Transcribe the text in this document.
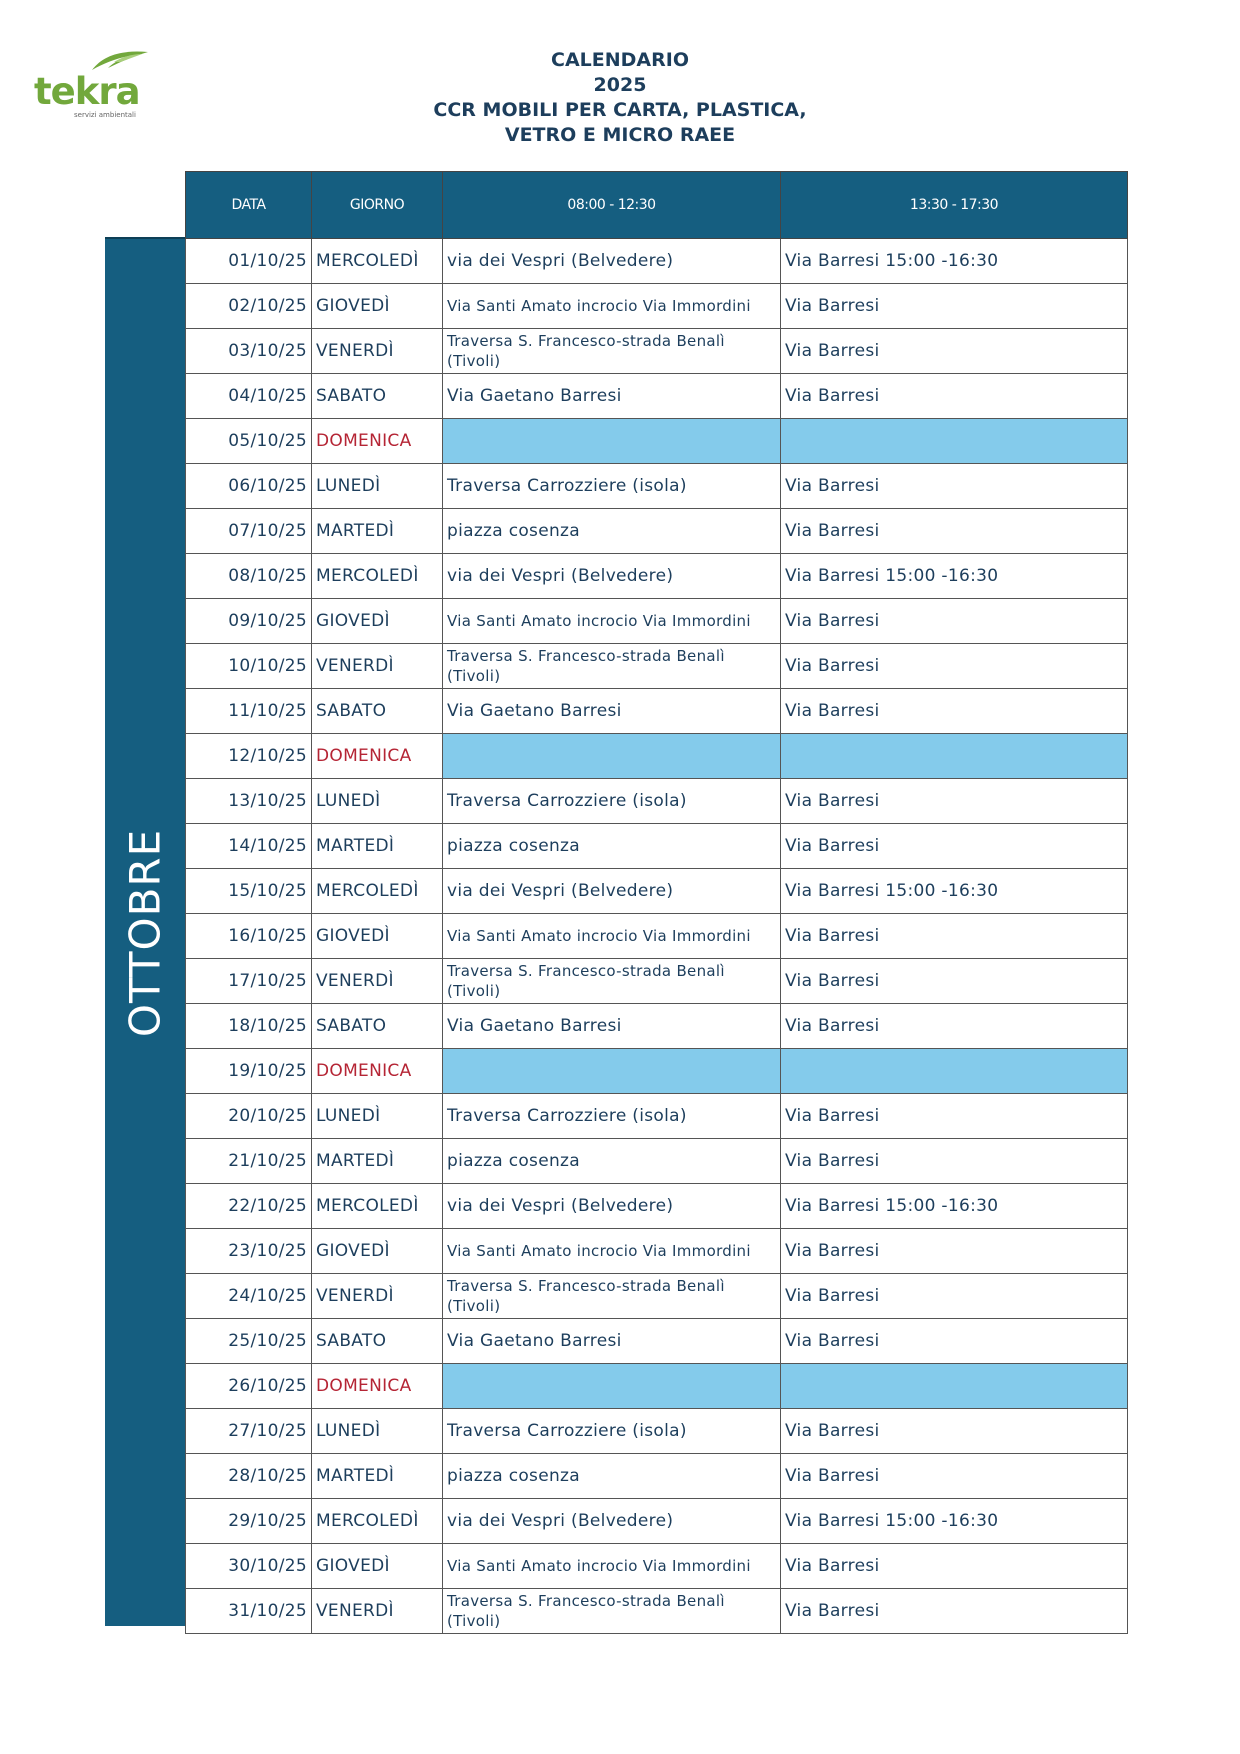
tekra
servizi ambientali
CALENDARIO
2025
CCR MOBILI PER CARTA, PLASTICA,
VETRO E MICRO RAEE
OTTOBRE
DATA	GIORNO	08:00 - 12:30	13:30 - 17:30

01/10/25	MERCOLEDÌ	via dei Vespri (Belvedere)	Via Barresi 15:00 -16:30

02/10/25	GIOVEDÌ	Via Santi Amato incrocio Via Immordini	Via Barresi

03/10/25	VENERDÌ	Traversa S. Francesco-strada Benalì (Tivoli)	Via Barresi

04/10/25	SABATO	Via Gaetano Barresi	Via Barresi

05/10/25	DOMENICA		

06/10/25	LUNEDÌ	Traversa Carrozziere (isola)	Via Barresi

07/10/25	MARTEDÌ	piazza cosenza	Via Barresi

08/10/25	MERCOLEDÌ	via dei Vespri (Belvedere)	Via Barresi 15:00 -16:30

09/10/25	GIOVEDÌ	Via Santi Amato incrocio Via Immordini	Via Barresi

10/10/25	VENERDÌ	Traversa S. Francesco-strada Benalì (Tivoli)	Via Barresi

11/10/25	SABATO	Via Gaetano Barresi	Via Barresi

12/10/25	DOMENICA		

13/10/25	LUNEDÌ	Traversa Carrozziere (isola)	Via Barresi

14/10/25	MARTEDÌ	piazza cosenza	Via Barresi

15/10/25	MERCOLEDÌ	via dei Vespri (Belvedere)	Via Barresi 15:00 -16:30

16/10/25	GIOVEDÌ	Via Santi Amato incrocio Via Immordini	Via Barresi

17/10/25	VENERDÌ	Traversa S. Francesco-strada Benalì (Tivoli)	Via Barresi

18/10/25	SABATO	Via Gaetano Barresi	Via Barresi

19/10/25	DOMENICA		

20/10/25	LUNEDÌ	Traversa Carrozziere (isola)	Via Barresi

21/10/25	MARTEDÌ	piazza cosenza	Via Barresi

22/10/25	MERCOLEDÌ	via dei Vespri (Belvedere)	Via Barresi 15:00 -16:30

23/10/25	GIOVEDÌ	Via Santi Amato incrocio Via Immordini	Via Barresi

24/10/25	VENERDÌ	Traversa S. Francesco-strada Benalì (Tivoli)	Via Barresi

25/10/25	SABATO	Via Gaetano Barresi	Via Barresi

26/10/25	DOMENICA		

27/10/25	LUNEDÌ	Traversa Carrozziere (isola)	Via Barresi

28/10/25	MARTEDÌ	piazza cosenza	Via Barresi

29/10/25	MERCOLEDÌ	via dei Vespri (Belvedere)	Via Barresi 15:00 -16:30

30/10/25	GIOVEDÌ	Via Santi Amato incrocio Via Immordini	Via Barresi

31/10/25	VENERDÌ	Traversa S. Francesco-strada Benalì (Tivoli)	Via Barresi
